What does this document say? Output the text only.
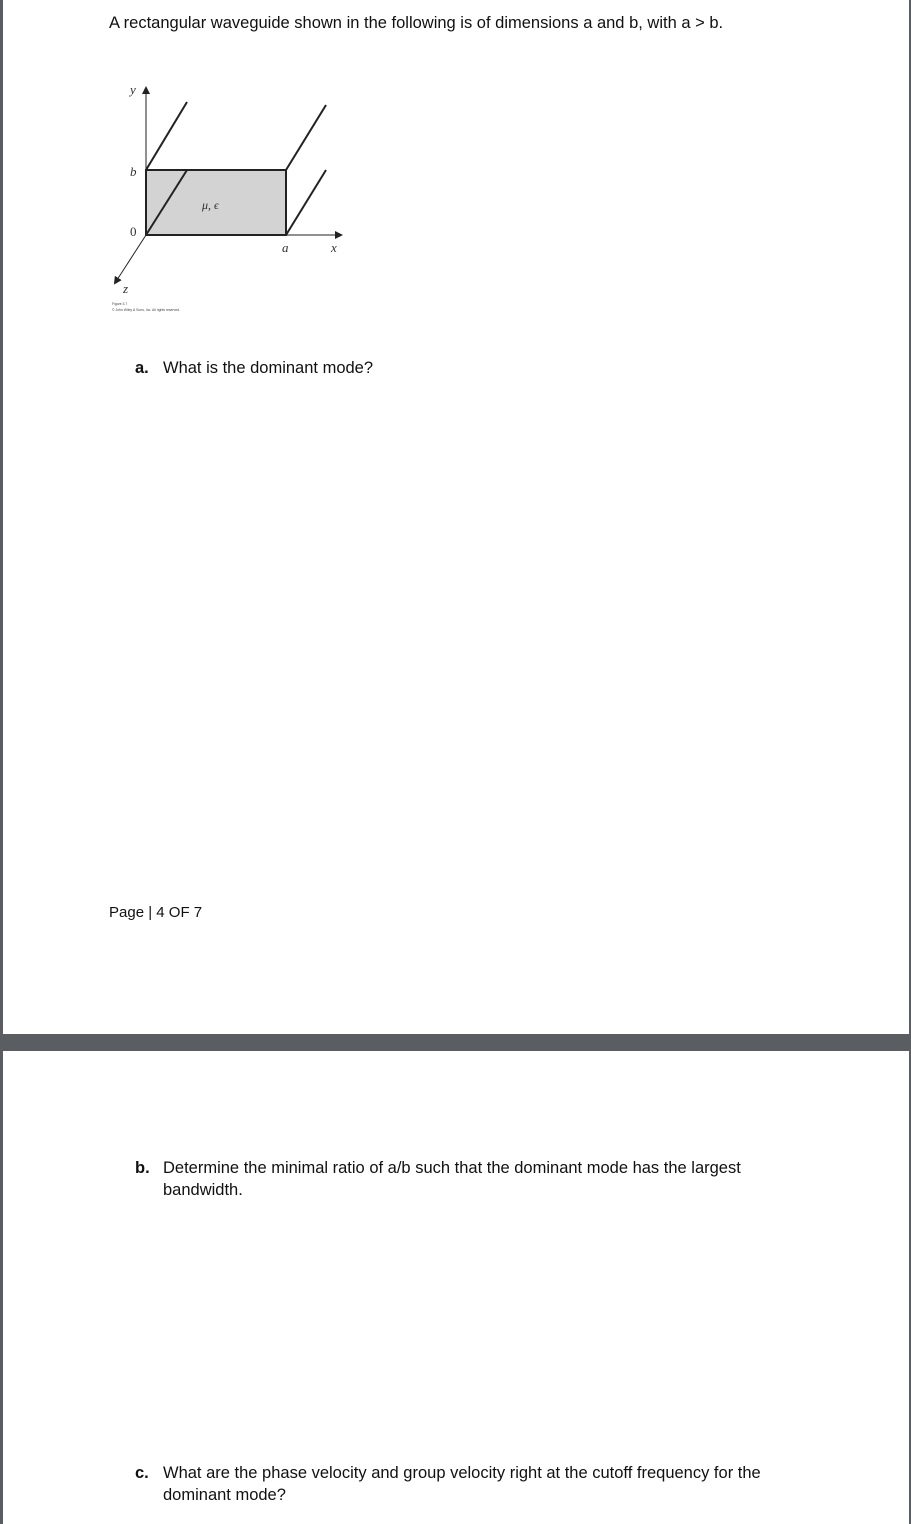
A rectangular waveguide shown in the following is of dimensions a and b, with a > b.
y
b
0
a	x
z
μ, ϵ
Figure 3.7
© John Wiley & Sons, Inc. All rights reserved.
a. What is the dominant mode?
Page | 4 OF 7
b. Determine the minimal ratio of a/b such that the dominant mode has the largest bandwidth.
c. What are the phase velocity and group velocity right at the cutoff frequency for the dominant mode?
